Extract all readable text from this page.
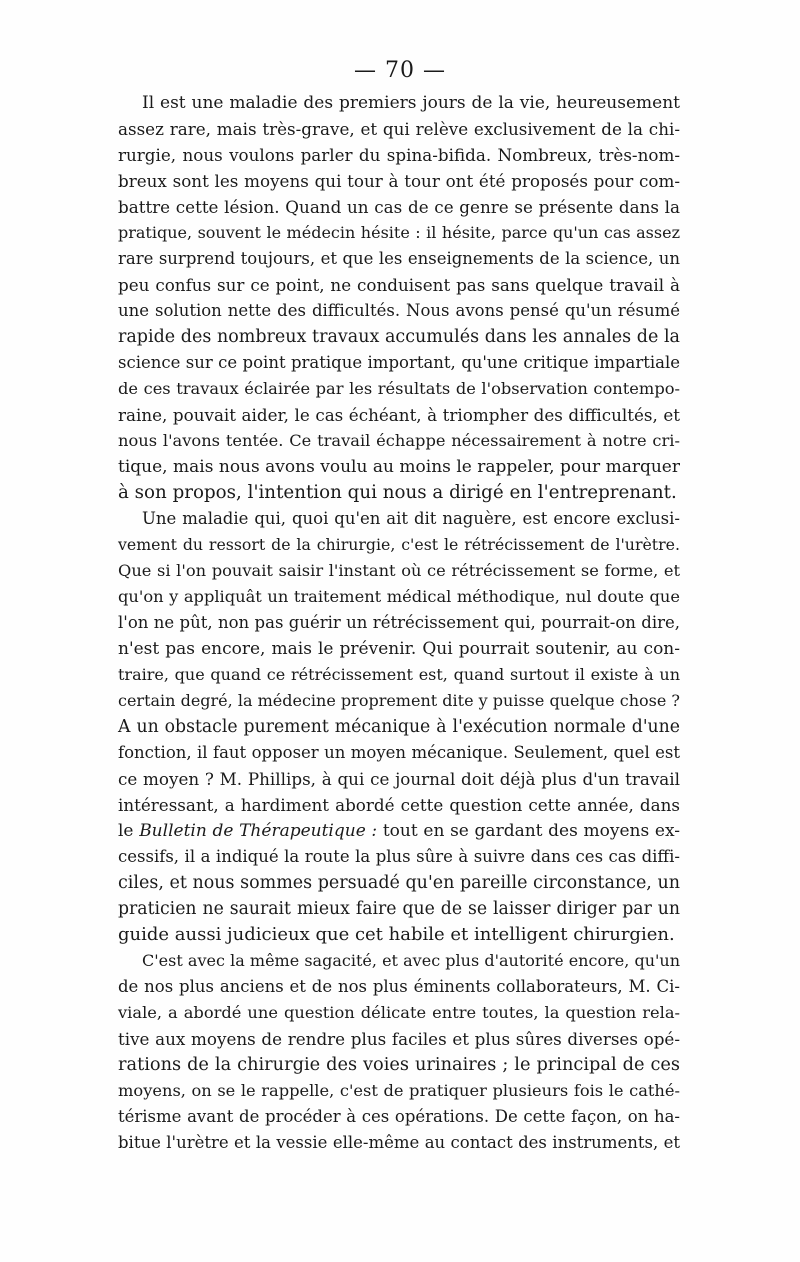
— 70 —
Il est une maladie des premiers jours de la vie, heureusement
assez rare, mais très-grave, et qui relève exclusivement de la chi-
rurgie, nous voulons parler du spina-bifida. Nombreux, très-nom-
breux sont les moyens qui tour à tour ont été proposés pour com-
battre cette lésion. Quand un cas de ce genre se présente dans la
pratique, souvent le médecin hésite : il hésite, parce qu'un cas assez
rare surprend toujours, et que les enseignements de la science, un
peu confus sur ce point, ne conduisent pas sans quelque travail à
une solution nette des difficultés. Nous avons pensé qu'un résumé
rapide des nombreux travaux accumulés dans les annales de la
science sur ce point pratique important, qu'une critique impartiale
de ces travaux éclairée par les résultats de l'observation contempo-
raine, pouvait aider, le cas échéant, à triompher des difficultés, et
nous l'avons tentée. Ce travail échappe nécessairement à notre cri-
tique, mais nous avons voulu au moins le rappeler, pour marquer
à son propos, l'intention qui nous a dirigé en l'entreprenant.
Une maladie qui, quoi qu'en ait dit naguère, est encore exclusi-
vement du ressort de la chirurgie, c'est le rétrécissement de l'urètre.
Que si l'on pouvait saisir l'instant où ce rétrécissement se forme, et
qu'on y appliquât un traitement médical méthodique, nul doute que
l'on ne pût, non pas guérir un rétrécissement qui, pourrait-on dire,
n'est pas encore, mais le prévenir. Qui pourrait soutenir, au con-
traire, que quand ce rétrécissement est, quand surtout il existe à un
certain degré, la médecine proprement dite y puisse quelque chose ?
A un obstacle purement mécanique à l'exécution normale d'une
fonction, il faut opposer un moyen mécanique. Seulement, quel est
ce moyen ? M. Phillips, à qui ce journal doit déjà plus d'un travail
intéressant, a hardiment abordé cette question cette année, dans
le Bulletin de Thérapeutique : tout en se gardant des moyens ex-
cessifs, il a indiqué la route la plus sûre à suivre dans ces cas diffi-
ciles, et nous sommes persuadé qu'en pareille circonstance, un
praticien ne saurait mieux faire que de se laisser diriger par un
guide aussi judicieux que cet habile et intelligent chirurgien.
C'est avec la même sagacité, et avec plus d'autorité encore, qu'un
de nos plus anciens et de nos plus éminents collaborateurs, M. Ci-
viale, a abordé une question délicate entre toutes, la question rela-
tive aux moyens de rendre plus faciles et plus sûres diverses opé-
rations de la chirurgie des voies urinaires ; le principal de ces
moyens, on se le rappelle, c'est de pratiquer plusieurs fois le cathé-
térisme avant de procéder à ces opérations. De cette façon, on ha-
bitue l'urètre et la vessie elle-même au contact des instruments, et
